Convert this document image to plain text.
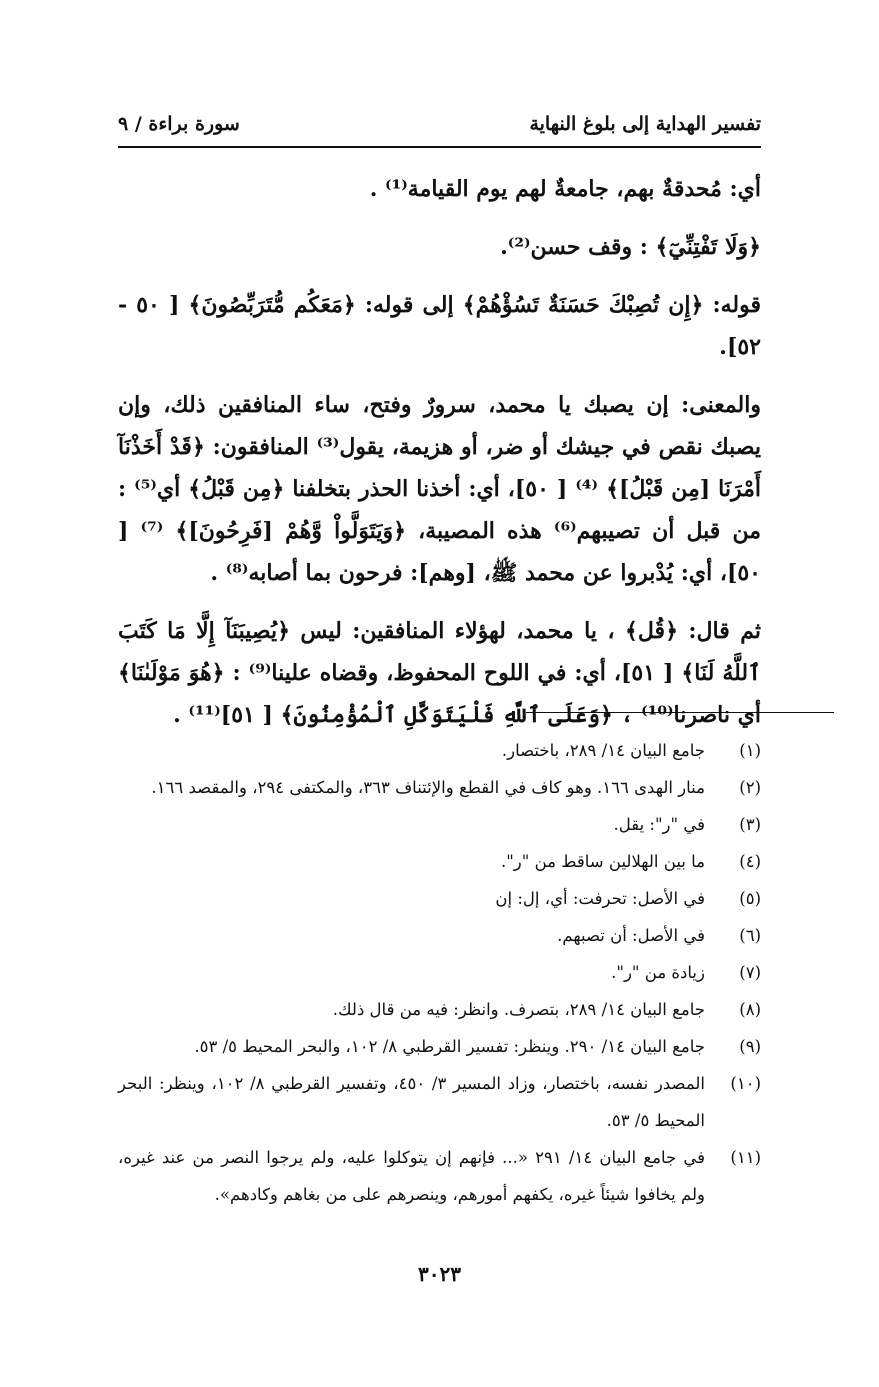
تفسير الهداية إلى بلوغ النهاية
سورة براءة / ٩

أي: مُحدقةٌ بهم، جامعةٌ لهم يوم القيامة⁽¹⁾ .

﴿وَلَا تَفْتِنِّيٓ﴾ : وقف حسن⁽²⁾.

قوله: ﴿إِن تُصِبْكَ حَسَنَةٌ تَسُؤْهُمْ﴾ إلى قوله: ﴿مَعَكُم مُّتَرَبِّصُونَ﴾ [ ٥٠ - ٥٢].

والمعنى: إن يصبك يا محمد، سرورٌ وفتح، ساء المنافقين ذلك، وإن يصبك نقص في جيشك أو ضر، أو هزيمة، يقول⁽³⁾ المنافقون: ﴿قَدْ أَخَذْنَآ أَمْرَنَا [مِن قَبْلُ]﴾ ⁽⁴⁾ [ ٥٠]، أي: أخذنا الحذر بتخلفنا ﴿مِن قَبْلُ﴾ أي⁽⁵⁾ : من قبل أن تصيبهم⁽⁶⁾ هذه المصيبة، ﴿وَيَتَوَلَّواْ وَّهُمْ [فَرِحُونَ]﴾ ⁽⁷⁾ [ ٥٠]، أي: يُدْبروا عن محمد ﷺ، [وهم]: فرحون بما أصابه⁽⁸⁾ .

ثم قال: ﴿قُل﴾ ، يا محمد، لهؤلاء المنافقين: ليس ﴿يُصِيبَنَآ إِلَّا مَا كَتَبَ ٱللَّهُ لَنَا﴾ [ ٥١]، أي: في اللوح المحفوظ، وقضاه علينا⁽⁹⁾ : ﴿هُوَ مَوْلَىٰنَا﴾ أي ناصرنا⁽¹⁰⁾ ، ﴿وَعَلَى ٱللَّهِ فَلْيَتَوَكَّلِ ٱلْمُؤْمِنُونَ﴾ [ ٥١]⁽¹¹⁾ .

(١)
جامع البيان ١٤/ ٢٨٩، باختصار.
(٢)
منار الهدى ١٦٦. وهو كاف في القطع والإئتناف ٣٦٣، والمكتفى ٢٩٤، والمقصد ١٦٦.
(٣)
في "ر": يقل.
(٤)
ما بين الهلالين ساقط من "ر".
(٥)
في الأصل: تحرفت: أي، إل: إن
(٦)
في الأصل: أن تصبهم.
(٧)
زيادة من "ر".
(٨)
جامع البيان ١٤/ ٢٨٩، بتصرف. وانظر: فيه من قال ذلك.
(٩)
جامع البيان ١٤/ ٢٩٠. وينظر: تفسير القرطبي ٨/ ١٠٢، والبحر المحيط ٥/ ٥٣.
(١٠)
المصدر نفسه، باختصار، وزاد المسير ٣/ ٤٥٠، وتفسير القرطبي ٨/ ١٠٢، وينظر: البحر المحيط ٥/ ٥٣.
(١١)
في جامع البيان ١٤/ ٢٩١ «... فإنهم إن يتوكلوا عليه، ولم يرجوا النصر من عند غيره، ولم يخافوا شيئاً غيره، يكفهم أمورهم، وينصرهم على من بغاهم وكادهم».
٣٠٢٣
